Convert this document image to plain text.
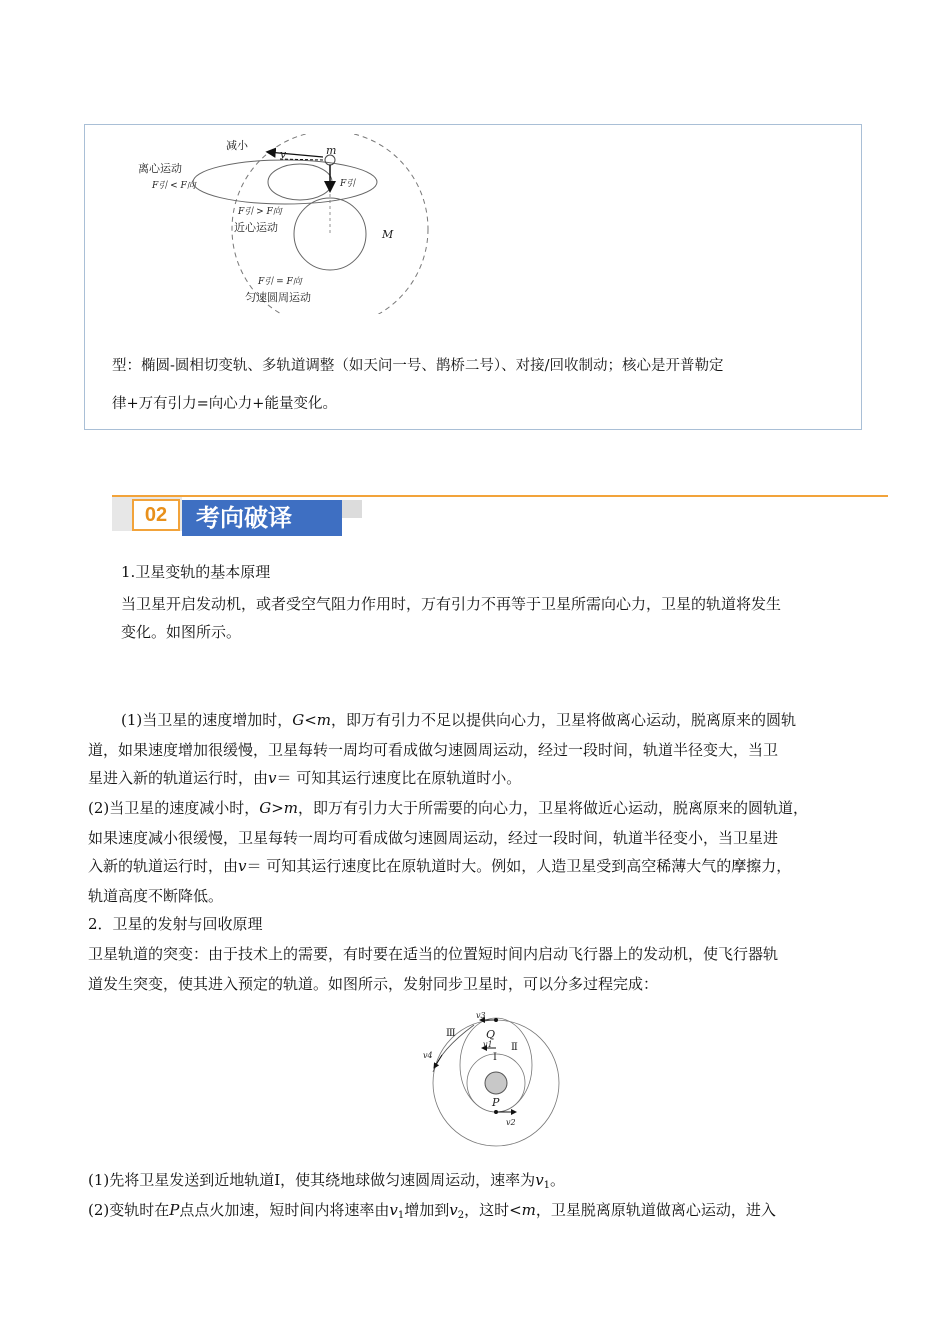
减小
v	m
离心运动
F引 < F向	F引
F引 > F向
近心运动
M
F引 = F向
匀速圆周运动
型：椭圆-圆相切变轨、多轨道调整（如天问一号、鹊桥二号）、对接/回收制动；核心是开普勒定
律+万有引力=向心力+能量变化。
02	考向破译
1.卫星变轨的基本原理
当卫星开启发动机，或者受空气阻力作用时，万有引力不再等于卫星所需向心力，卫星的轨道将发生
变化。如图所示。
(1)当卫星的速度增加时，G<m，即万有引力不足以提供向心力，卫星将做离心运动，脱离原来的圆轨
道，如果速度增加很缓慢，卫星每转一周均可看成做匀速圆周运动，经过一段时间，轨道半径变大，当卫
星进入新的轨道运行时，由v＝ 可知其运行速度比在原轨道时小。
(2)当卫星的速度减小时，G>m，即万有引力大于所需要的向心力，卫星将做近心运动，脱离原来的圆轨道，
如果速度减小很缓慢，卫星每转一周均可看成做匀速圆周运动，经过一段时间，轨道半径变小，当卫星进
入新的轨道运行时，由v＝ 可知其运行速度比在原轨道时大。例如，人造卫星受到高空稀薄大气的摩擦力，
轨道高度不断降低。
2．卫星的发射与回收原理
卫星轨道的突变：由于技术上的需要，有时要在适当的位置短时间内启动飞行器上的发动机，使飞行器轨
道发生突变，使其进入预定的轨道。如图所示，发射同步卫星时，可以分多过程完成：
Ⅲ
Ⅱ
Ⅰ
Q
P
v1
v2
v3
v4
(1)先将卫星发送到近地轨道Ⅰ，使其绕地球做匀速圆周运动，速率为$v_1$。
(2)变轨时在P点点火加速，短时间内将速率由$v_1$增加到$v_2$，这时<m，卫星脱离原轨道做离心运动，进入
